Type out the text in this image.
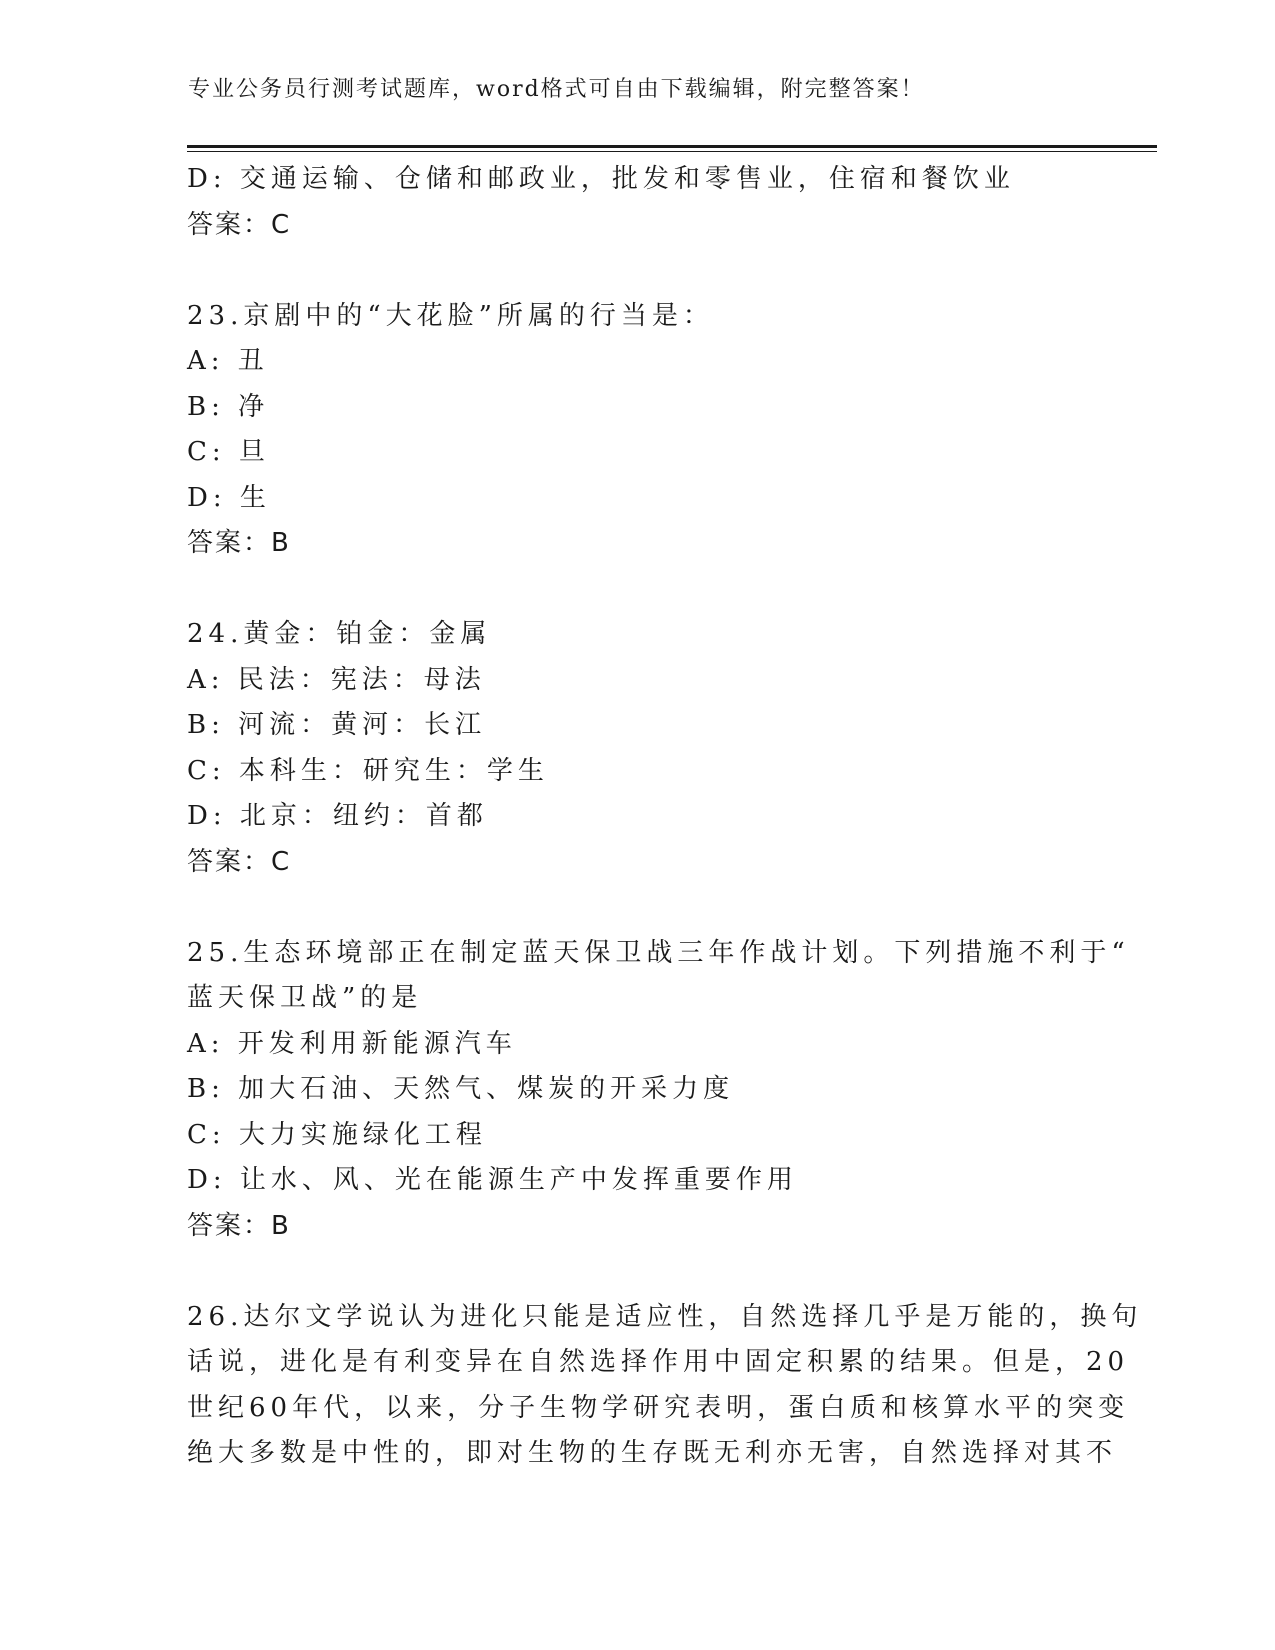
专业公务员行测考试题库，word格式可自由下载编辑，附完整答案！
D: 交通运输、仓储和邮政业，批发和零售业，住宿和餐饮业
答案：C
23.京剧中的“大花脸”所属的行当是：
A: 丑
B: 净
C: 旦
D: 生
答案：B
24.黄金：铂金：金属
A: 民法：宪法：母法
B: 河流：黄河：长江
C: 本科生：研究生：学生
D: 北京：纽约：首都
答案：C
25.生态环境部正在制定蓝天保卫战三年作战计划。下列措施不利于“
蓝天保卫战”的是
A: 开发利用新能源汽车
B: 加大石油、天然气、煤炭的开采力度
C: 大力实施绿化工程
D: 让水、风、光在能源生产中发挥重要作用
答案：B
26.达尔文学说认为进化只能是适应性，自然选择几乎是万能的，换句
话说，进化是有利变异在自然选择作用中固定积累的结果。但是，20
世纪60年代，以来，分子生物学研究表明，蛋白质和核算水平的突变
绝大多数是中性的，即对生物的生存既无利亦无害，自然选择对其不
